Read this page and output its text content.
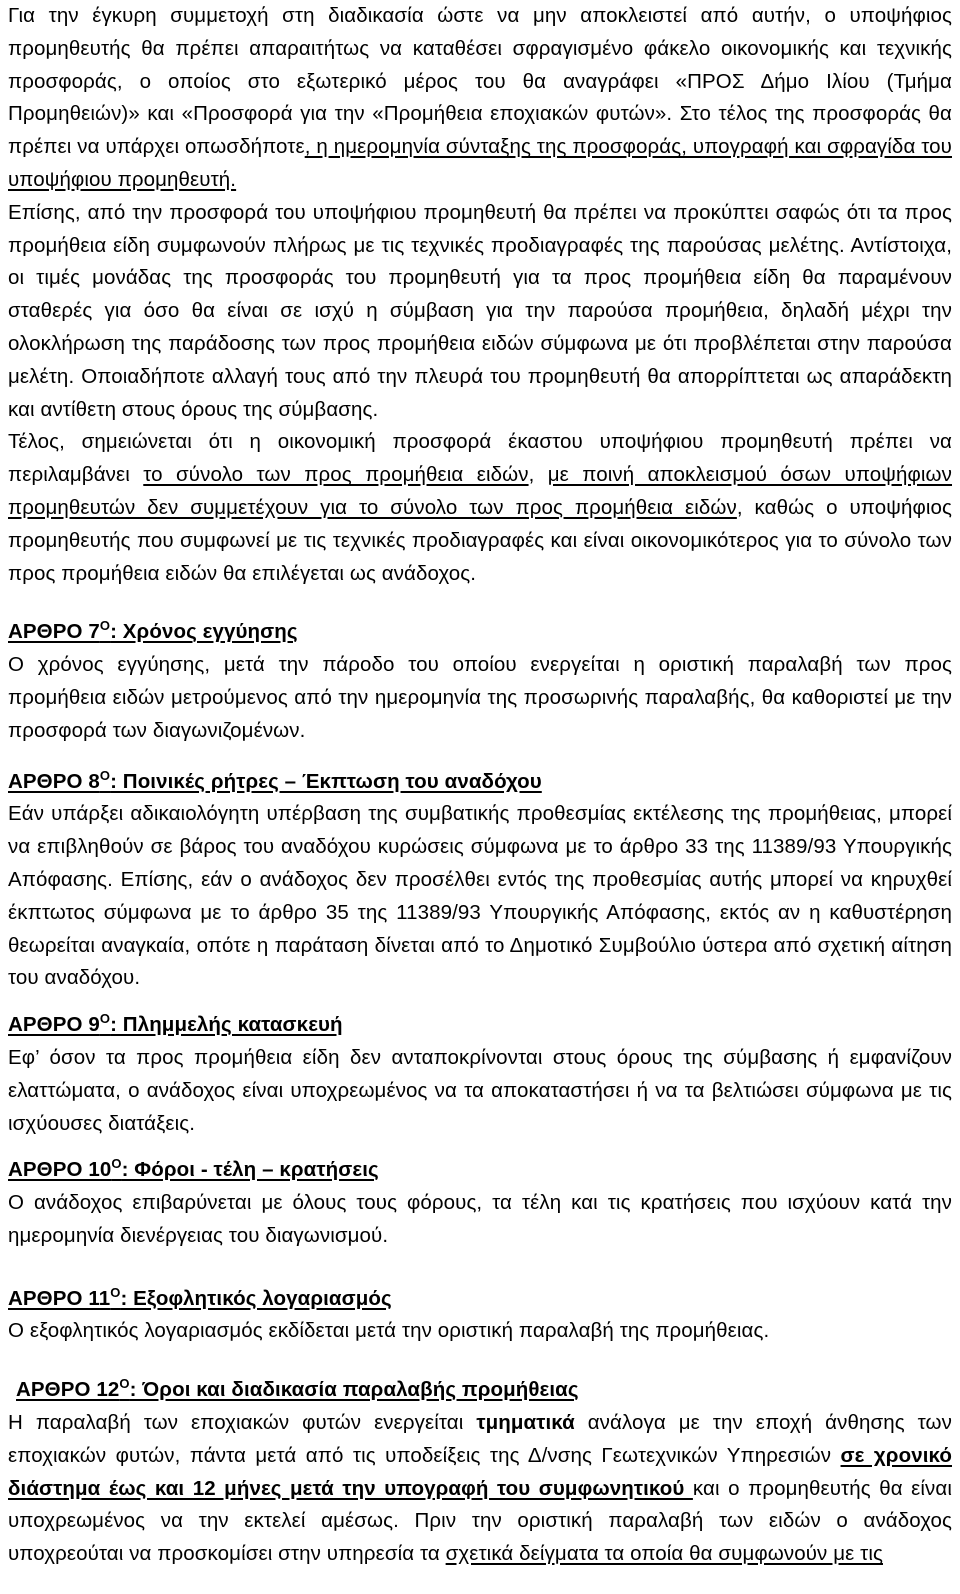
Για την έγκυρη συμμετοχή στη διαδικασία ώστε να μην αποκλειστεί από αυτήν, ο υποψήφιος προμηθευτής θα πρέπει απαραιτήτως να καταθέσει σφραγισμένο φάκελο οικονομικής και τεχνικής προσφοράς, ο οποίος στο εξωτερικό μέρος του θα αναγράφει «ΠΡΟΣ Δήμο Ιλίου (Τμήμα Προμηθειών)» και «Προσφορά για την «Προμήθεια εποχιακών φυτών». Στο τέλος της προσφοράς θα πρέπει να υπάρχει οπωσδήποτε, η ημερομηνία σύνταξης της προσφοράς, υπογραφή και σφραγίδα του υποψήφιου προμηθευτή.

Επίσης, από την προσφορά του υποψήφιου προμηθευτή θα πρέπει να προκύπτει σαφώς ότι τα προς προμήθεια είδη συμφωνούν πλήρως με τις τεχνικές προδιαγραφές της παρούσας μελέτης. Αντίστοιχα, οι τιμές μονάδας της προσφοράς του προμηθευτή για τα προς προμήθεια είδη θα παραμένουν σταθερές για όσο θα είναι σε ισχύ η σύμβαση για την παρούσα προμήθεια, δηλαδή μέχρι την ολοκλήρωση της παράδοσης των προς προμήθεια ειδών σύμφωνα με ότι προβλέπεται στην παρούσα μελέτη. Οποιαδήποτε αλλαγή τους από την πλευρά του προμηθευτή θα απορρίπτεται ως απαράδεκτη και αντίθετη στους όρους της σύμβασης.

Τέλος, σημειώνεται ότι η οικονομική προσφορά έκαστου υποψήφιου προμηθευτή πρέπει να περιλαμβάνει το σύνολο των προς προμήθεια ειδών, με ποινή αποκλεισμού όσων υποψήφιων προμηθευτών δεν συμμετέχουν για το σύνολο των προς προμήθεια ειδών, καθώς ο υποψήφιος προμηθευτής που συμφωνεί με τις τεχνικές προδιαγραφές και είναι οικονομικότερος για το σύνολο των προς προμήθεια ειδών θα επιλέγεται ως ανάδοχος.

ΑΡΘΡΟ $7^O$: Χρόνος εγγύησης

Ο χρόνος εγγύησης, μετά την πάροδο του οποίου ενεργείται η οριστική παραλαβή των προς προμήθεια ειδών μετρούμενος από την ημερομηνία της προσωρινής παραλαβής, θα καθοριστεί με την προσφορά των διαγωνιζομένων.

ΑΡΘΡΟ $8^O$: Ποινικές ρήτρες – Έκπτωση του αναδόχου

Εάν υπάρξει αδικαιολόγητη υπέρβαση της συμβατικής προθεσμίας εκτέλεσης της προμήθειας, μπορεί να επιβληθούν σε βάρος του αναδόχου κυρώσεις σύμφωνα με το άρθρο 33 της 11389/93 Υπουργικής Απόφασης. Επίσης, εάν ο ανάδοχος δεν προσέλθει εντός της προθεσμίας αυτής μπορεί να κηρυχθεί έκπτωτος σύμφωνα με το άρθρο 35 της 11389/93 Υπουργικής Απόφασης, εκτός αν η καθυστέρηση θεωρείται αναγκαία, οπότε η παράταση δίνεται από το Δημοτικό Συμβούλιο ύστερα από σχετική αίτηση του αναδόχου.

ΑΡΘΡΟ $9^O$: Πλημμελής κατασκευή

Εφ’ όσον τα προς προμήθεια είδη δεν ανταποκρίνονται στους όρους της σύμβασης ή εμφανίζουν ελαττώματα, ο ανάδοχος είναι υποχρεωμένος να τα αποκαταστήσει ή να τα βελτιώσει σύμφωνα με τις ισχύουσες διατάξεις.

ΑΡΘΡΟ $10^O$: Φόροι - τέλη – κρατήσεις

Ο ανάδοχος επιβαρύνεται με όλους τους φόρους, τα τέλη και τις κρατήσεις που ισχύουν κατά την ημερομηνία διενέργειας του διαγωνισμού.

ΑΡΘΡΟ $11^O$: Εξοφλητικός λογαριασμός

Ο εξοφλητικός λογαριασμός εκδίδεται μετά την οριστική παραλαβή της προμήθειας.

ΑΡΘΡΟ $12^O$: Όροι και διαδικασία παραλαβής προμήθειας

Η παραλαβή των εποχιακών φυτών ενεργείται τμηματικά ανάλογα με την εποχή άνθησης των εποχιακών φυτών, πάντα μετά από τις υποδείξεις της Δ/νσης Γεωτεχνικών Υπηρεσιών σε χρονικό διάστημα έως και 12 μήνες μετά την υπογραφή του συμφωνητικού και ο προμηθευτής θα είναι υποχρεωμένος να την εκτελεί αμέσως. Πριν την οριστική παραλαβή των ειδών ο ανάδοχος υποχρεούται να προσκομίσει στην υπηρεσία τα σχετικά δείγματα τα οποία θα συμφωνούν με τις
